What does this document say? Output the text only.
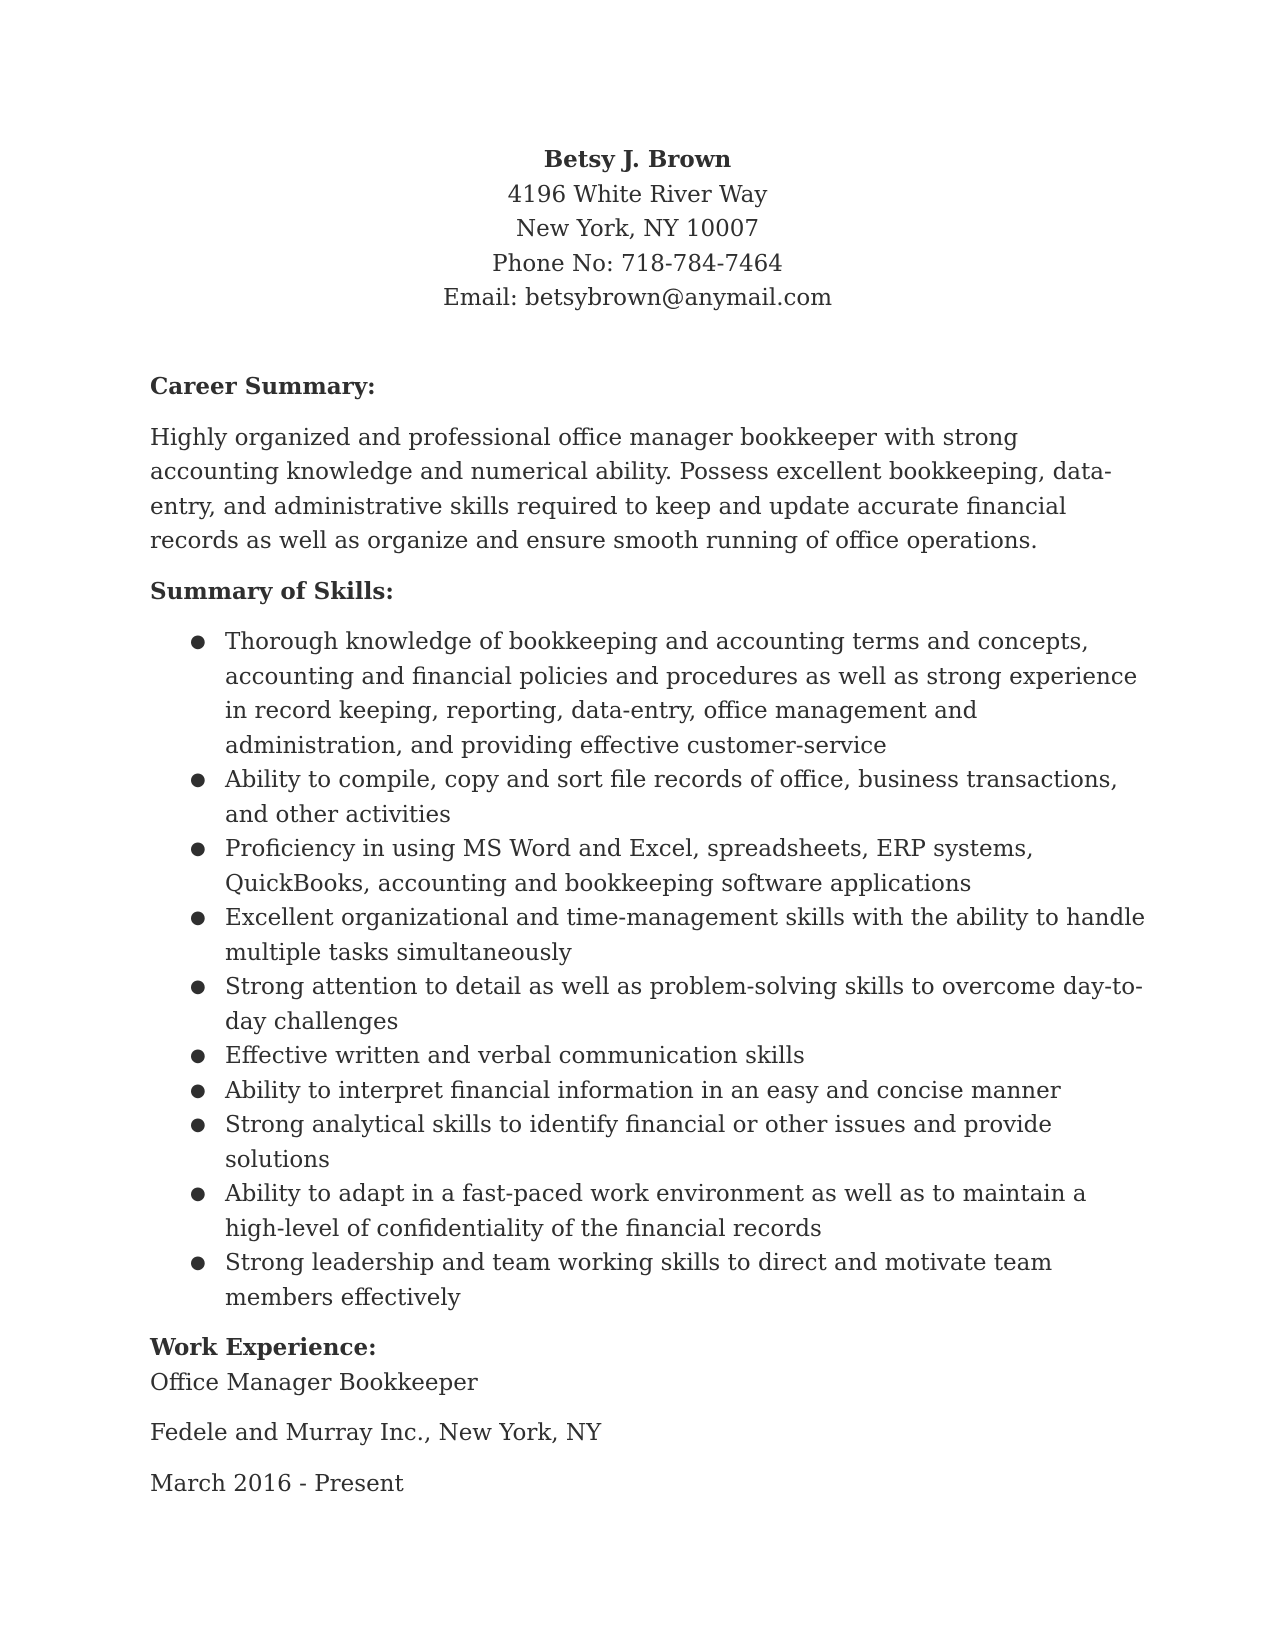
Betsy J. Brown
4196 White River Way
New York, NY 10007
Phone No: 718-784-7464
Email: betsybrown@anymail.com

Career Summary:

Highly organized and professional office manager bookkeeper with strong accounting knowledge and numerical ability. Possess excellent bookkeeping, data-entry, and administrative skills required to keep and update accurate financial records as well as organize and ensure smooth running of office operations.

Summary of Skills:

● Thorough knowledge of bookkeeping and accounting terms and concepts, accounting and financial policies and procedures as well as strong experience in record keeping, reporting, data-entry, office management and administration, and providing effective customer-service
● Ability to compile, copy and sort file records of office, business transactions, and other activities
● Proficiency in using MS Word and Excel, spreadsheets, ERP systems, QuickBooks, accounting and bookkeeping software applications
● Excellent organizational and time-management skills with the ability to handle multiple tasks simultaneously
● Strong attention to detail as well as problem-solving skills to overcome day-to-day challenges
● Effective written and verbal communication skills
● Ability to interpret financial information in an easy and concise manner
● Strong analytical skills to identify financial or other issues and provide solutions
● Ability to adapt in a fast-paced work environment as well as to maintain a high-level of confidentiality of the financial records
● Strong leadership and team working skills to direct and motivate team members effectively

Work Experience:

Office Manager Bookkeeper

Fedele and Murray Inc., New York, NY

March 2016 - Present
